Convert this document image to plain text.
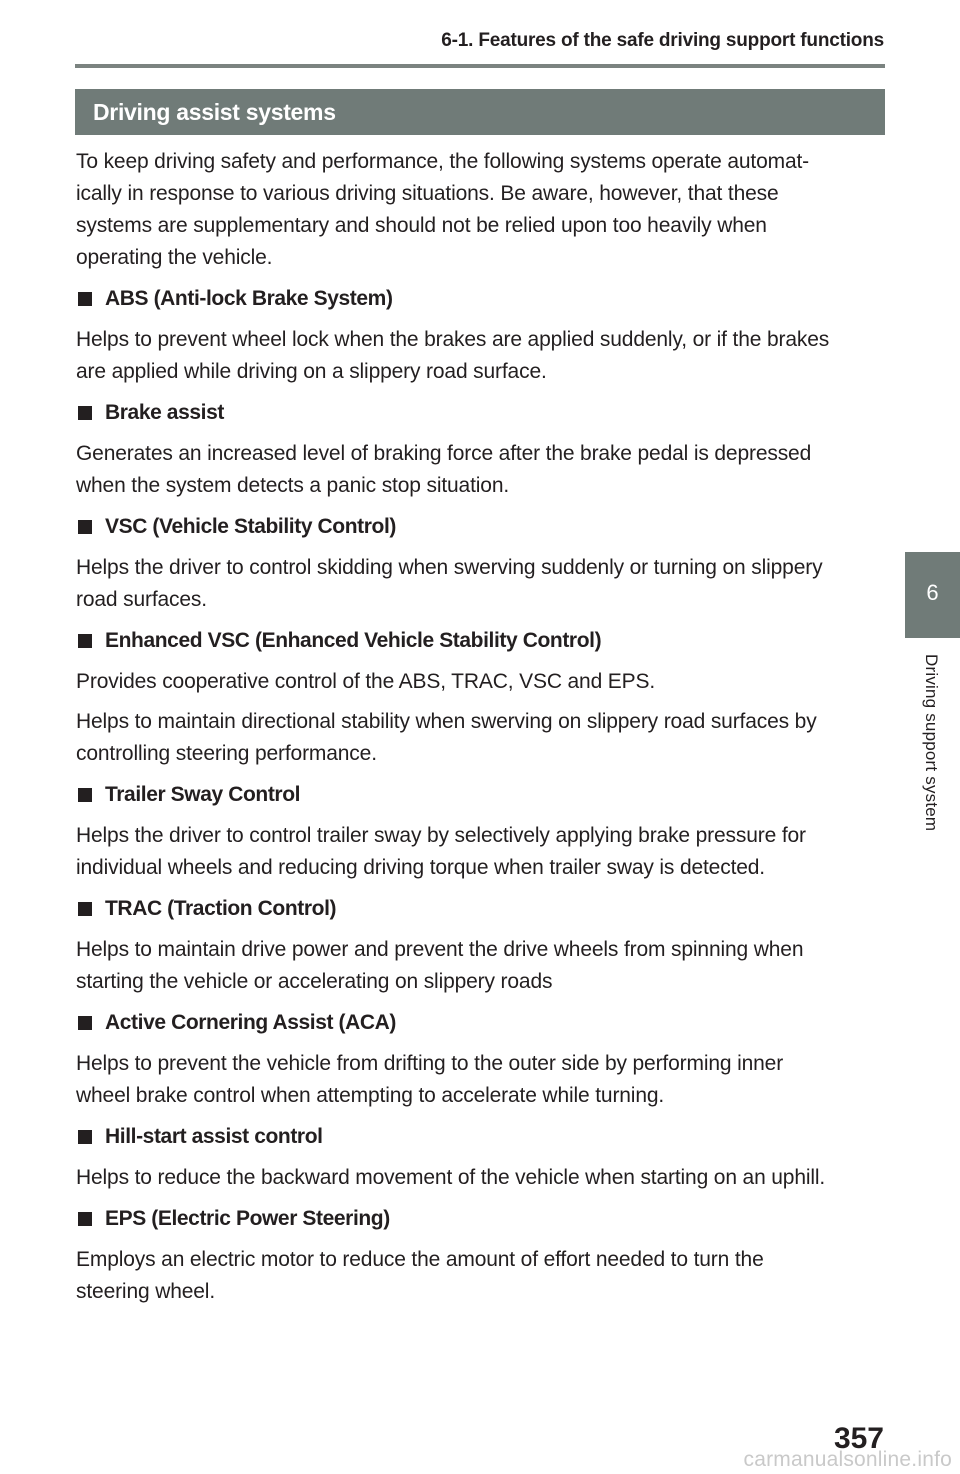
6-1. Features of the safe driving support functions
Driving assist systems

To keep driving safety and performance, the following systems operate automat-
ically in response to various driving situations. Be aware, however, that these
systems are supplementary and should not be relied upon too heavily when
operating the vehicle.

ABS (Anti-lock Brake System)

Helps to prevent wheel lock when the brakes are applied suddenly, or if the brakes
are applied while driving on a slippery road surface.

Brake assist

Generates an increased level of braking force after the brake pedal is depressed
when the system detects a panic stop situation.

VSC (Vehicle Stability Control)

Helps the driver to control skidding when swerving suddenly or turning on slippery
road surfaces.

Enhanced VSC (Enhanced Vehicle Stability Control)

Provides cooperative control of the ABS, TRAC, VSC and EPS.

Helps to maintain directional stability when swerving on slippery road surfaces by
controlling steering performance.

Trailer Sway Control

Helps the driver to control trailer sway by selectively applying brake pressure for
individual wheels and reducing driving torque when trailer sway is detected.

TRAC (Traction Control)

Helps to maintain drive power and prevent the drive wheels from spinning when
starting the vehicle or accelerating on slippery roads

Active Cornering Assist (ACA)

Helps to prevent the vehicle from drifting to the outer side by performing inner
wheel brake control when attempting to accelerate while turning.

Hill-start assist control

Helps to reduce the backward movement of the vehicle when starting on an uphill.

EPS (Electric Power Steering)

Employs an electric motor to reduce the amount of effort needed to turn the
steering wheel.

6
Driving support system
357
carmanualsonline.info
